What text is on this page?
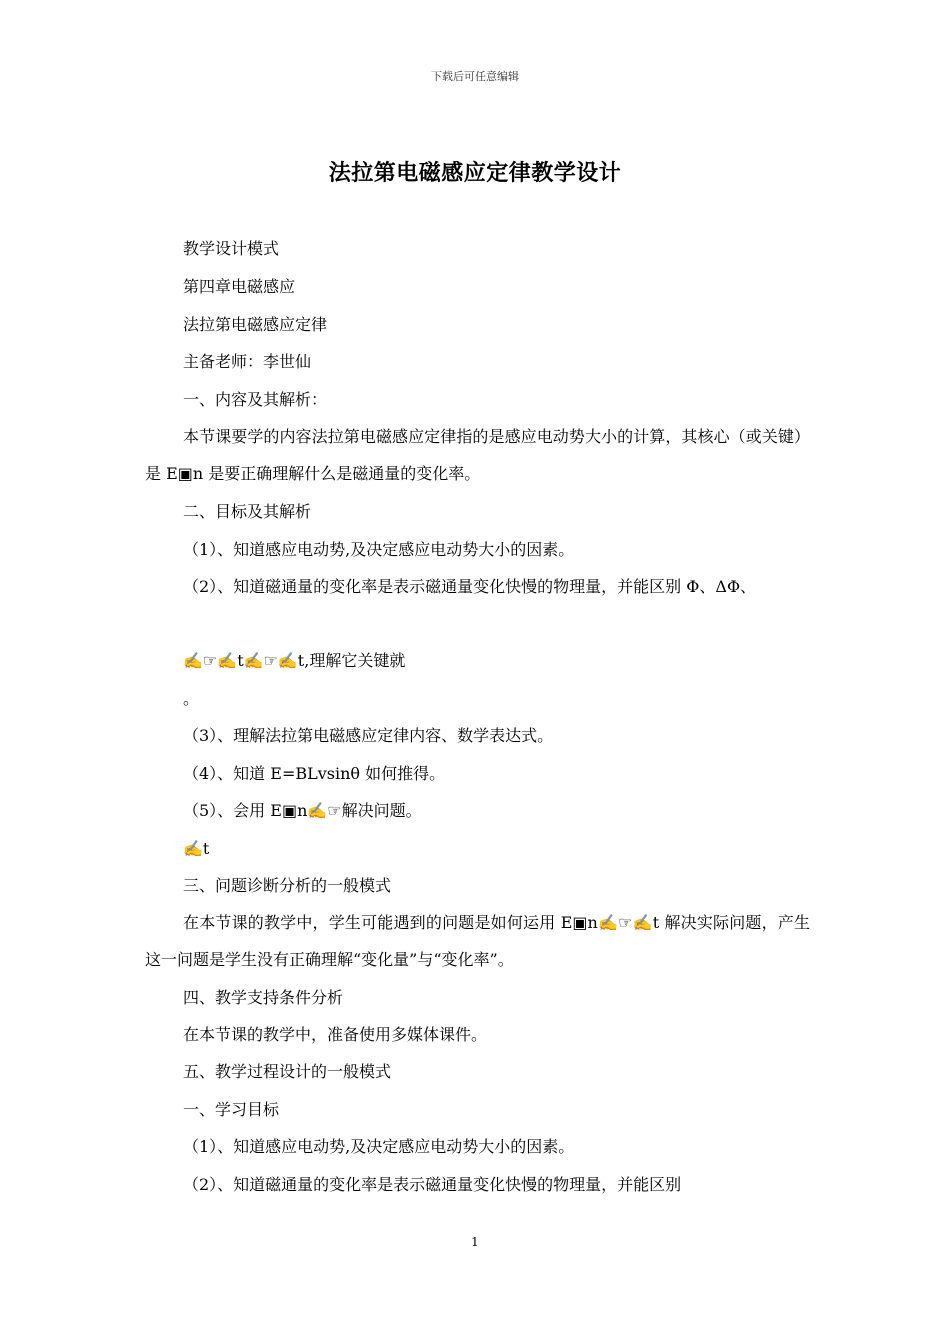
下载后可任意编辑
法拉第电磁感应定律教学设计
教学设计模式
第四章电磁感应
法拉第电磁感应定律
主备老师：李世仙
一、内容及其解析：
本节课要学的内容法拉第电磁感应定律指的是感应电动势大小的计算，其核心（或关键）是 E▣n 是要正确理解什么是磁通量的变化率。
二、目标及其解析
（1）、知道感应电动势,及决定感应电动势大小的因素。
（2）、知道磁通量的变化率是表示磁通量变化快慢的物理量，并能区别 Φ、ΔΦ、
✍☞✍t✍☞✍t,理解它关键就
。
（3）、理解法拉第电磁感应定律内容、数学表达式。
（4）、知道 E=BLvsinθ 如何推得。
（5）、会用 E▣n✍☞解决问题。
✍t
三、问题诊断分析的一般模式
在本节课的教学中，学生可能遇到的问题是如何运用 E▣n✍☞✍t 解决实际问题，产生这一问题是学生没有正确理解“变化量”与“变化率”。
四、教学支持条件分析
在本节课的教学中，准备使用多媒体课件。
五、教学过程设计的一般模式
一、学习目标
（1）、知道感应电动势,及决定感应电动势大小的因素。
（2）、知道磁通量的变化率是表示磁通量变化快慢的物理量，并能区别
1
